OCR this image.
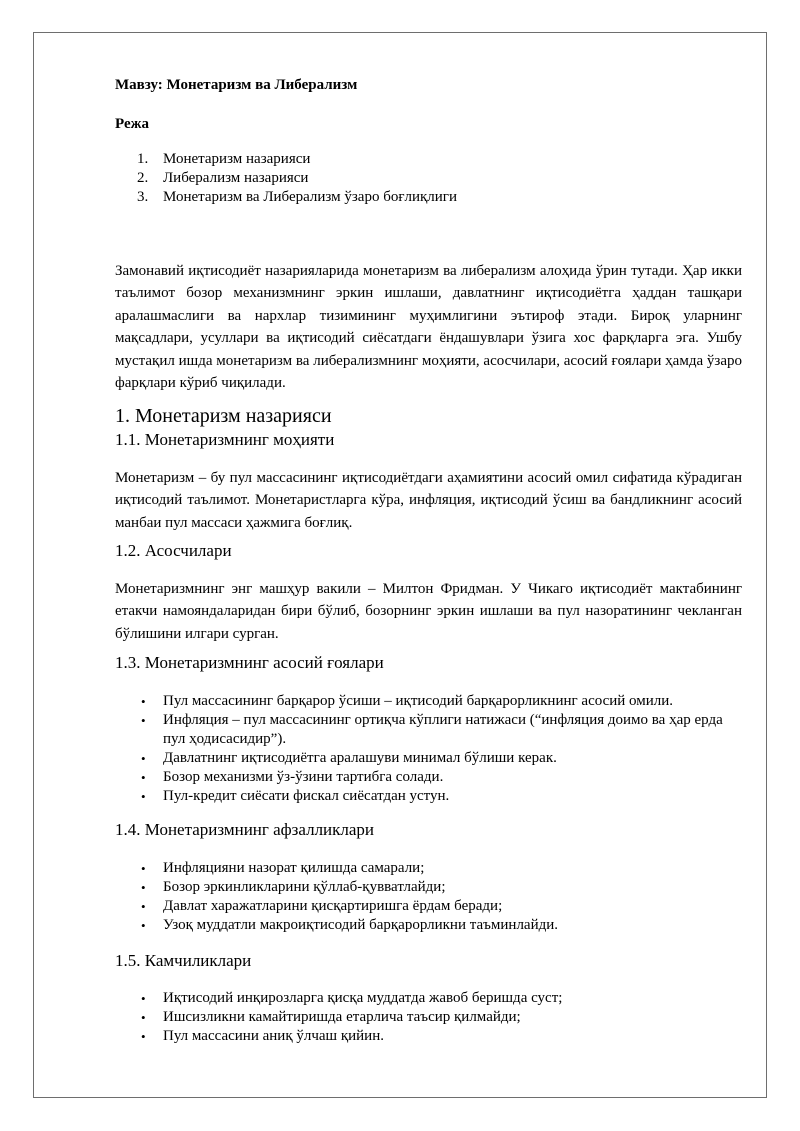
Мавзу: Монетаризм ва Либерализм
Режа
1. Монетаризм назарияси
2. Либерализм назарияси
3. Монетаризм ва Либерализм ўзаро боғлиқлиги

Замонавий иқтисодиёт назарияларида монетаризм ва либерализм алоҳида ўрин тутади. Ҳар икки таълимот бозор механизмнинг эркин ишлаши, давлатнинг иқтисодиётга ҳаддан ташқари аралашмаслиги ва нархлар тизимининг муҳимлигини эътироф этади. Бироқ уларнинг мақсадлари, усуллари ва иқтисодий сиёсатдаги ёндашувлари ўзига хос фарқларга эга. Ушбу мустақил ишда монетаризм ва либерализмнинг моҳияти, асосчилари, асосий ғоялари ҳамда ўзаро фарқлари кўриб чиқилади.

1. Монетаризм назарияси
1.1. Монетаризмнинг моҳияти

Монетаризм – бу пул массасининг иқтисодиётдаги аҳамиятини асосий омил сифатида кўрадиган иқтисодий таълимот. Монетаристларга кўра, инфляция, иқтисодий ўсиш ва бандликнинг асосий манбаи пул массаси ҳажмига боғлиқ.

1.2. Асосчилари

Монетаризмнинг энг машҳур вакили – Милтон Фридман. У Чикаго иқтисодиёт мактабининг етакчи намояндаларидан бири бўлиб, бозорнинг эркин ишлаши ва пул назоратининг чекланган бўлишини илгари сурган.

1.3. Монетаризмнинг асосий ғоялари
•	Пул массасининг барқарор ўсиши – иқтисодий барқарорликнинг асосий омили.
•	Инфляция – пул массасининг ортиқча кўплиги натижаси (“инфляция доимо ва ҳар ерда пул ҳодисасидир”).
•	Давлатнинг иқтисодиётга аралашуви минимал бўлиши керак.
•	Бозор механизми ўз-ўзини тартибга солади.
•	Пул-кредит сиёсати фискал сиёсатдан устун.
1.4. Монетаризмнинг афзалликлари
•	Инфляцияни назорат қилишда самарали;
•	Бозор эркинликларини қўллаб-қувватлайди;
•	Давлат харажатларини қисқартиришга ёрдам беради;
•	Узоқ муддатли макроиқтисодий барқарорликни таъминлайди.
1.5. Камчиликлари
•	Иқтисодий инқирозларга қисқа муддатда жавоб беришда суст;
•	Ишсизликни камайтиришда етарлича таъсир қилмайди;
•	Пул массасини аниқ ўлчаш қийин.
